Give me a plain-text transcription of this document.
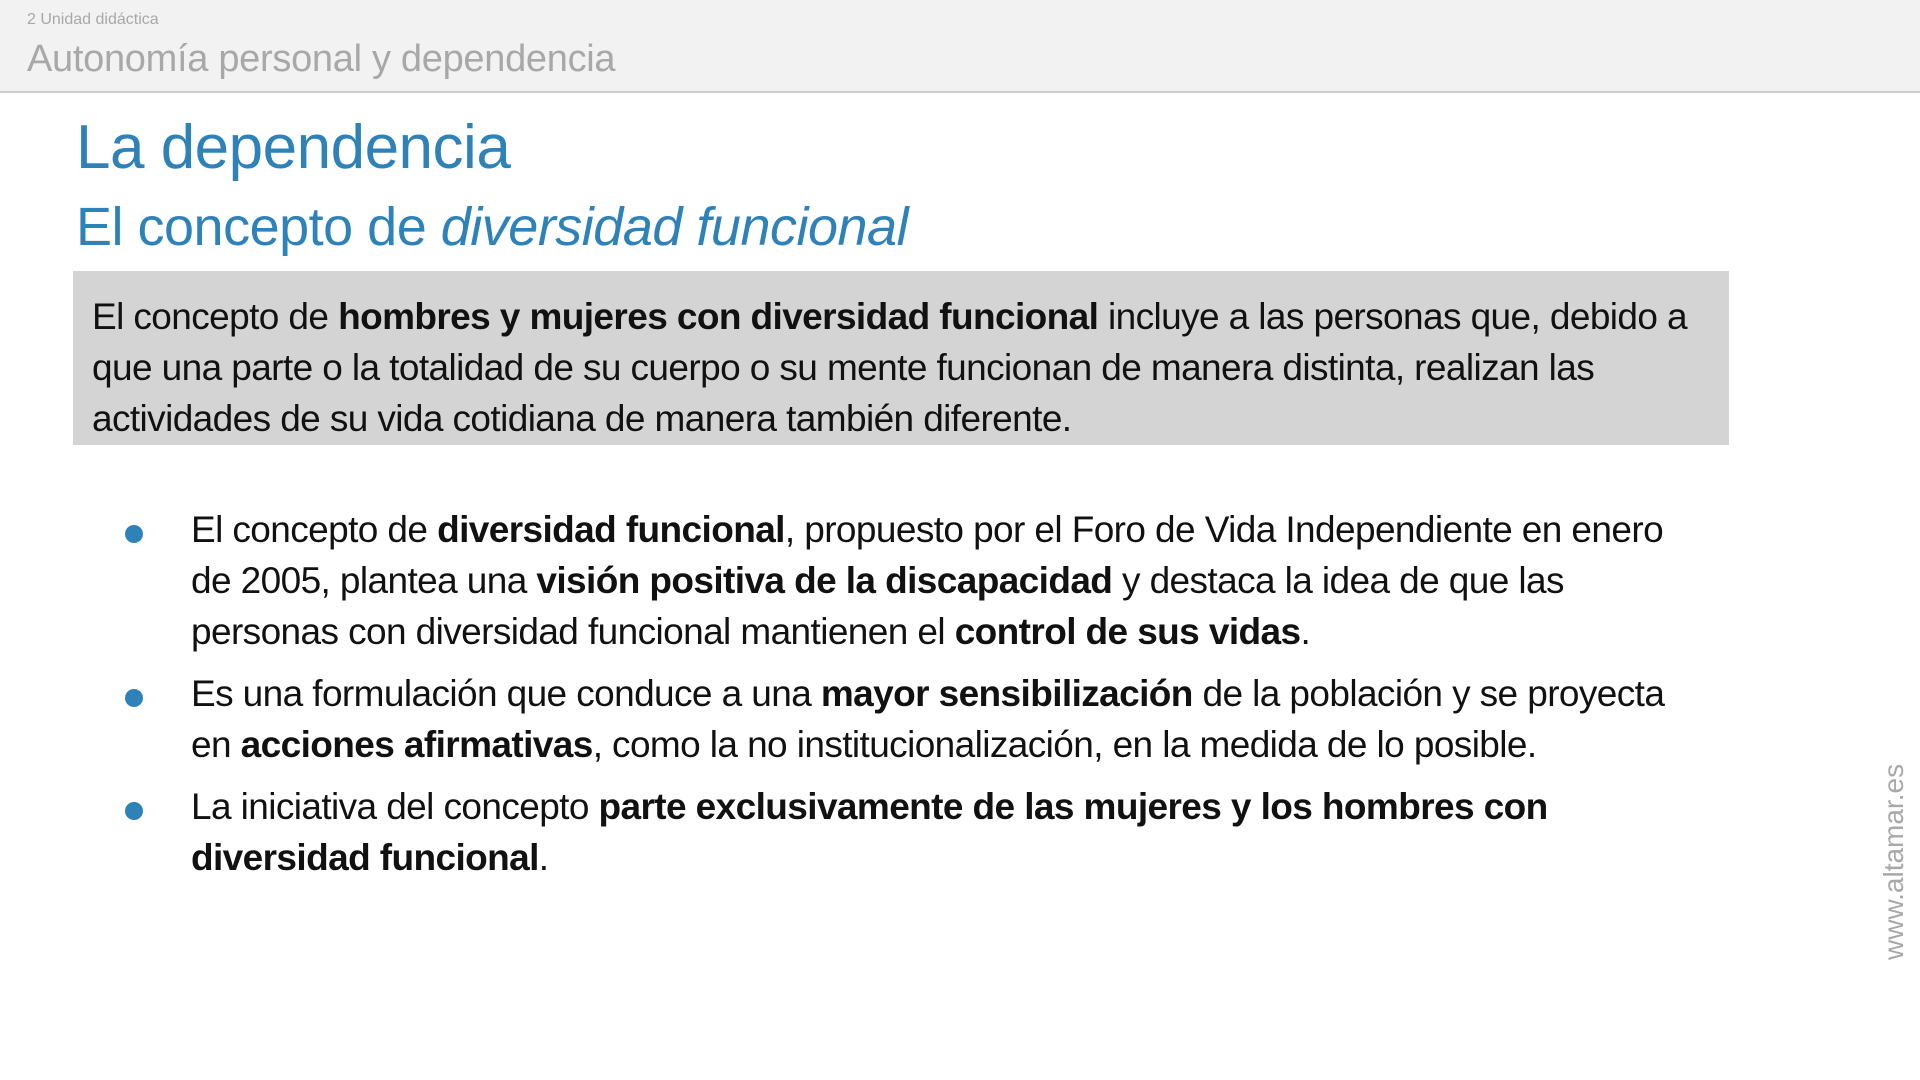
2 Unidad didáctica
Autonomía personal y dependencia
La dependencia
El concepto de diversidad funcional
El concepto de hombres y mujeres con diversidad funcional incluye a las personas que, debido a que una parte o la totalidad de su cuerpo o su mente funcionan de manera distinta, realizan las actividades de su vida cotidiana de manera también diferente.
El concepto de diversidad funcional, propuesto por el Foro de Vida Independiente en enero de 2005, plantea una visión positiva de la discapacidad y destaca la idea de que las personas con diversidad funcional mantienen el control de sus vidas.
Es una formulación que conduce a una mayor sensibilización de la población y se proyecta en acciones afirmativas, como la no institucionalización, en la medida de lo posible.
La iniciativa del concepto parte exclusivamente de las mujeres y los hombres con diversidad funcional.	www.altamar.es
